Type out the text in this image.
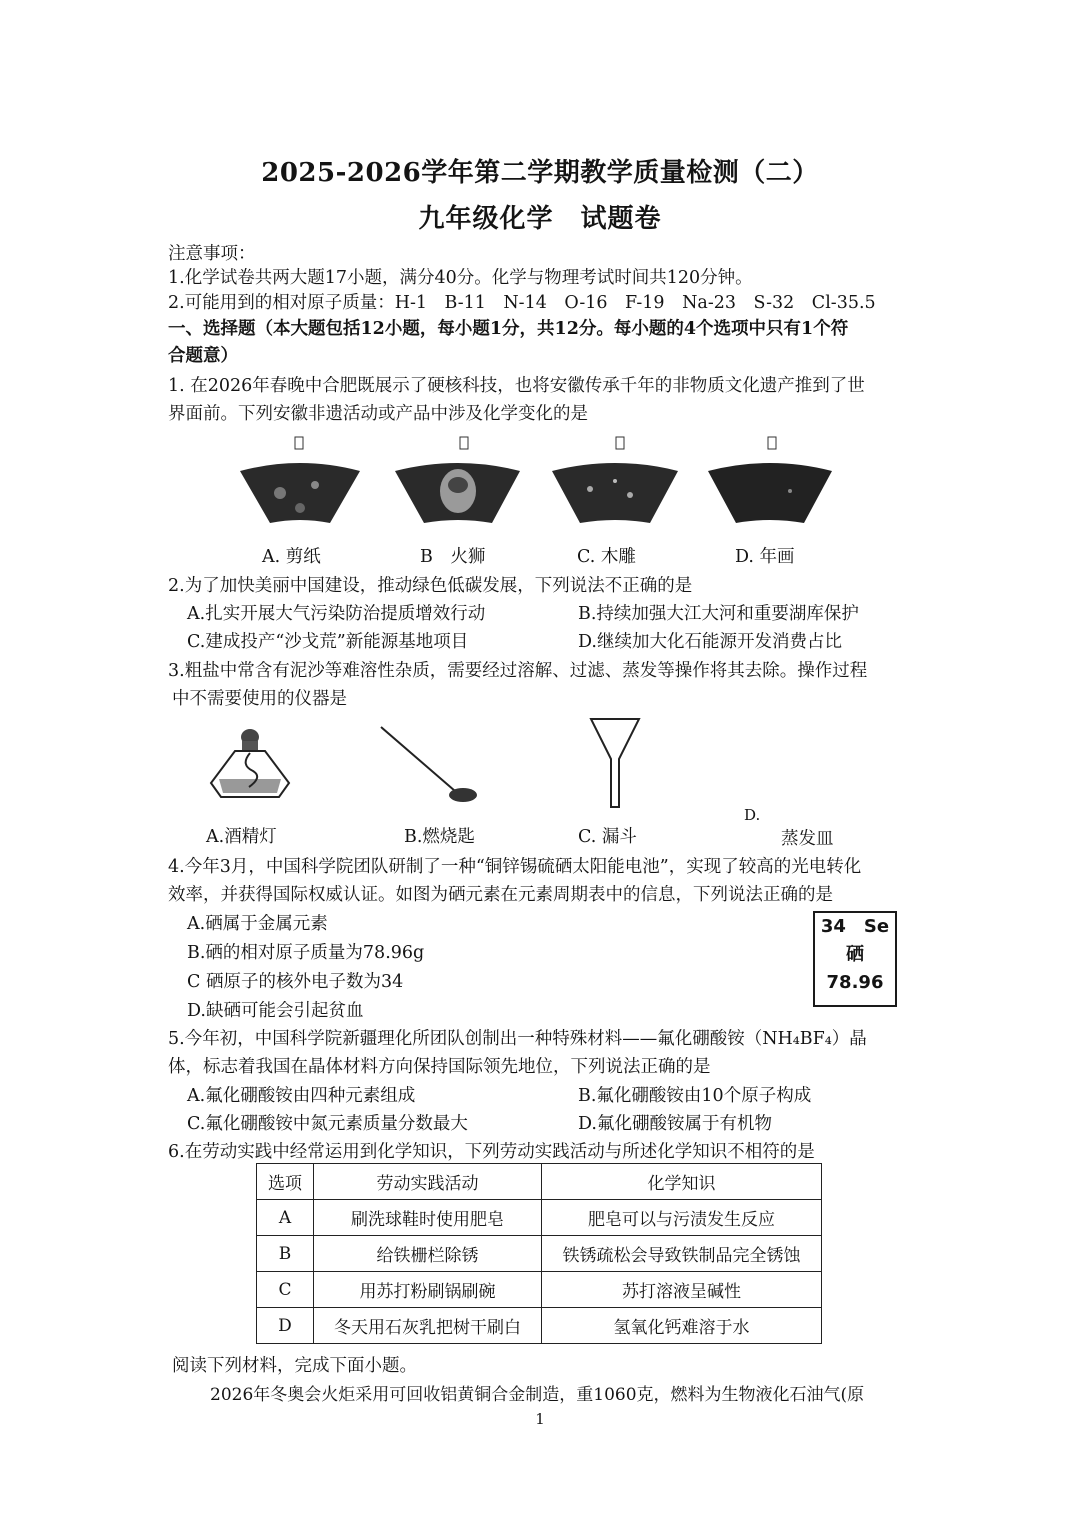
2025-2026学年第二学期教学质量检测（二）
九年级化学　试题卷
注意事项：
1.化学试卷共两大题17小题，满分40分。化学与物理考试时间共120分钟。
2.可能用到的相对原子质量：H-1　B-11　N-14　O-16　F-19　Na-23　S-32　Cl-35.5
一、选择题（本大题包括12小题，每小题1分，共12分。每小题的4个选项中只有1个符
合题意）
1. 在2026年春晚中合肥既展示了硬核科技，也将安徽传承千年的非物质文化遗产推到了世
界面前。下列安徽非遗活动或产品中涉及化学变化的是
A. 剪纸	B　火狮	C. 木雕	D. 年画
2.为了加快美丽中国建设，推动绿色低碳发展，下列说法不正确的是
A.扎实开展大气污染防治提质增效行动	B.持续加强大江大河和重要湖库保护
C.建成投产“沙戈荒”新能源基地项目	D.继续加大化石能源开发消费占比
3.粗盐中常含有泥沙等难溶性杂质，需要经过溶解、过滤、蒸发等操作将其去除。操作过程
中不需要使用的仪器是
D.
A.酒精灯	B.燃烧匙	C. 漏斗	蒸发皿
4.今年3月，中国科学院团队研制了一种“铜锌锡硫硒太阳能电池”，实现了较高的光电转化
效率，并获得国际权威认证。如图为硒元素在元素周期表中的信息，下列说法正确的是
A.硒属于金属元素
B.硒的相对原子质量为78.96g
C 硒原子的核外电子数为34
D.缺硒可能会引起贫血
34　Se
硒
78.96
5.今年初，中国科学院新疆理化所团队创制出一种特殊材料——氟化硼酸铵（NH₄BF₄）晶
体，标志着我国在晶体材料方向保持国际领先地位，下列说法正确的是
A.氟化硼酸铵由四种元素组成	B.氟化硼酸铵由10个原子构成
C.氟化硼酸铵中氮元素质量分数最大	D.氟化硼酸铵属于有机物
6.在劳动实践中经常运用到化学知识，下列劳动实践活动与所述化学知识不相符的是
选项	劳动实践活动	化学知识
A	刷洗球鞋时使用肥皂	肥皂可以与污渍发生反应
B	给铁栅栏除锈	铁锈疏松会导致铁制品完全锈蚀
C	用苏打粉刷锅刷碗	苏打溶液呈碱性
D	冬天用石灰乳把树干刷白	氢氧化钙难溶于水
阅读下列材料，完成下面小题。
2026年冬奥会火炬采用可回收铝黄铜合金制造，重1060克，燃料为生物液化石油气(原
1
